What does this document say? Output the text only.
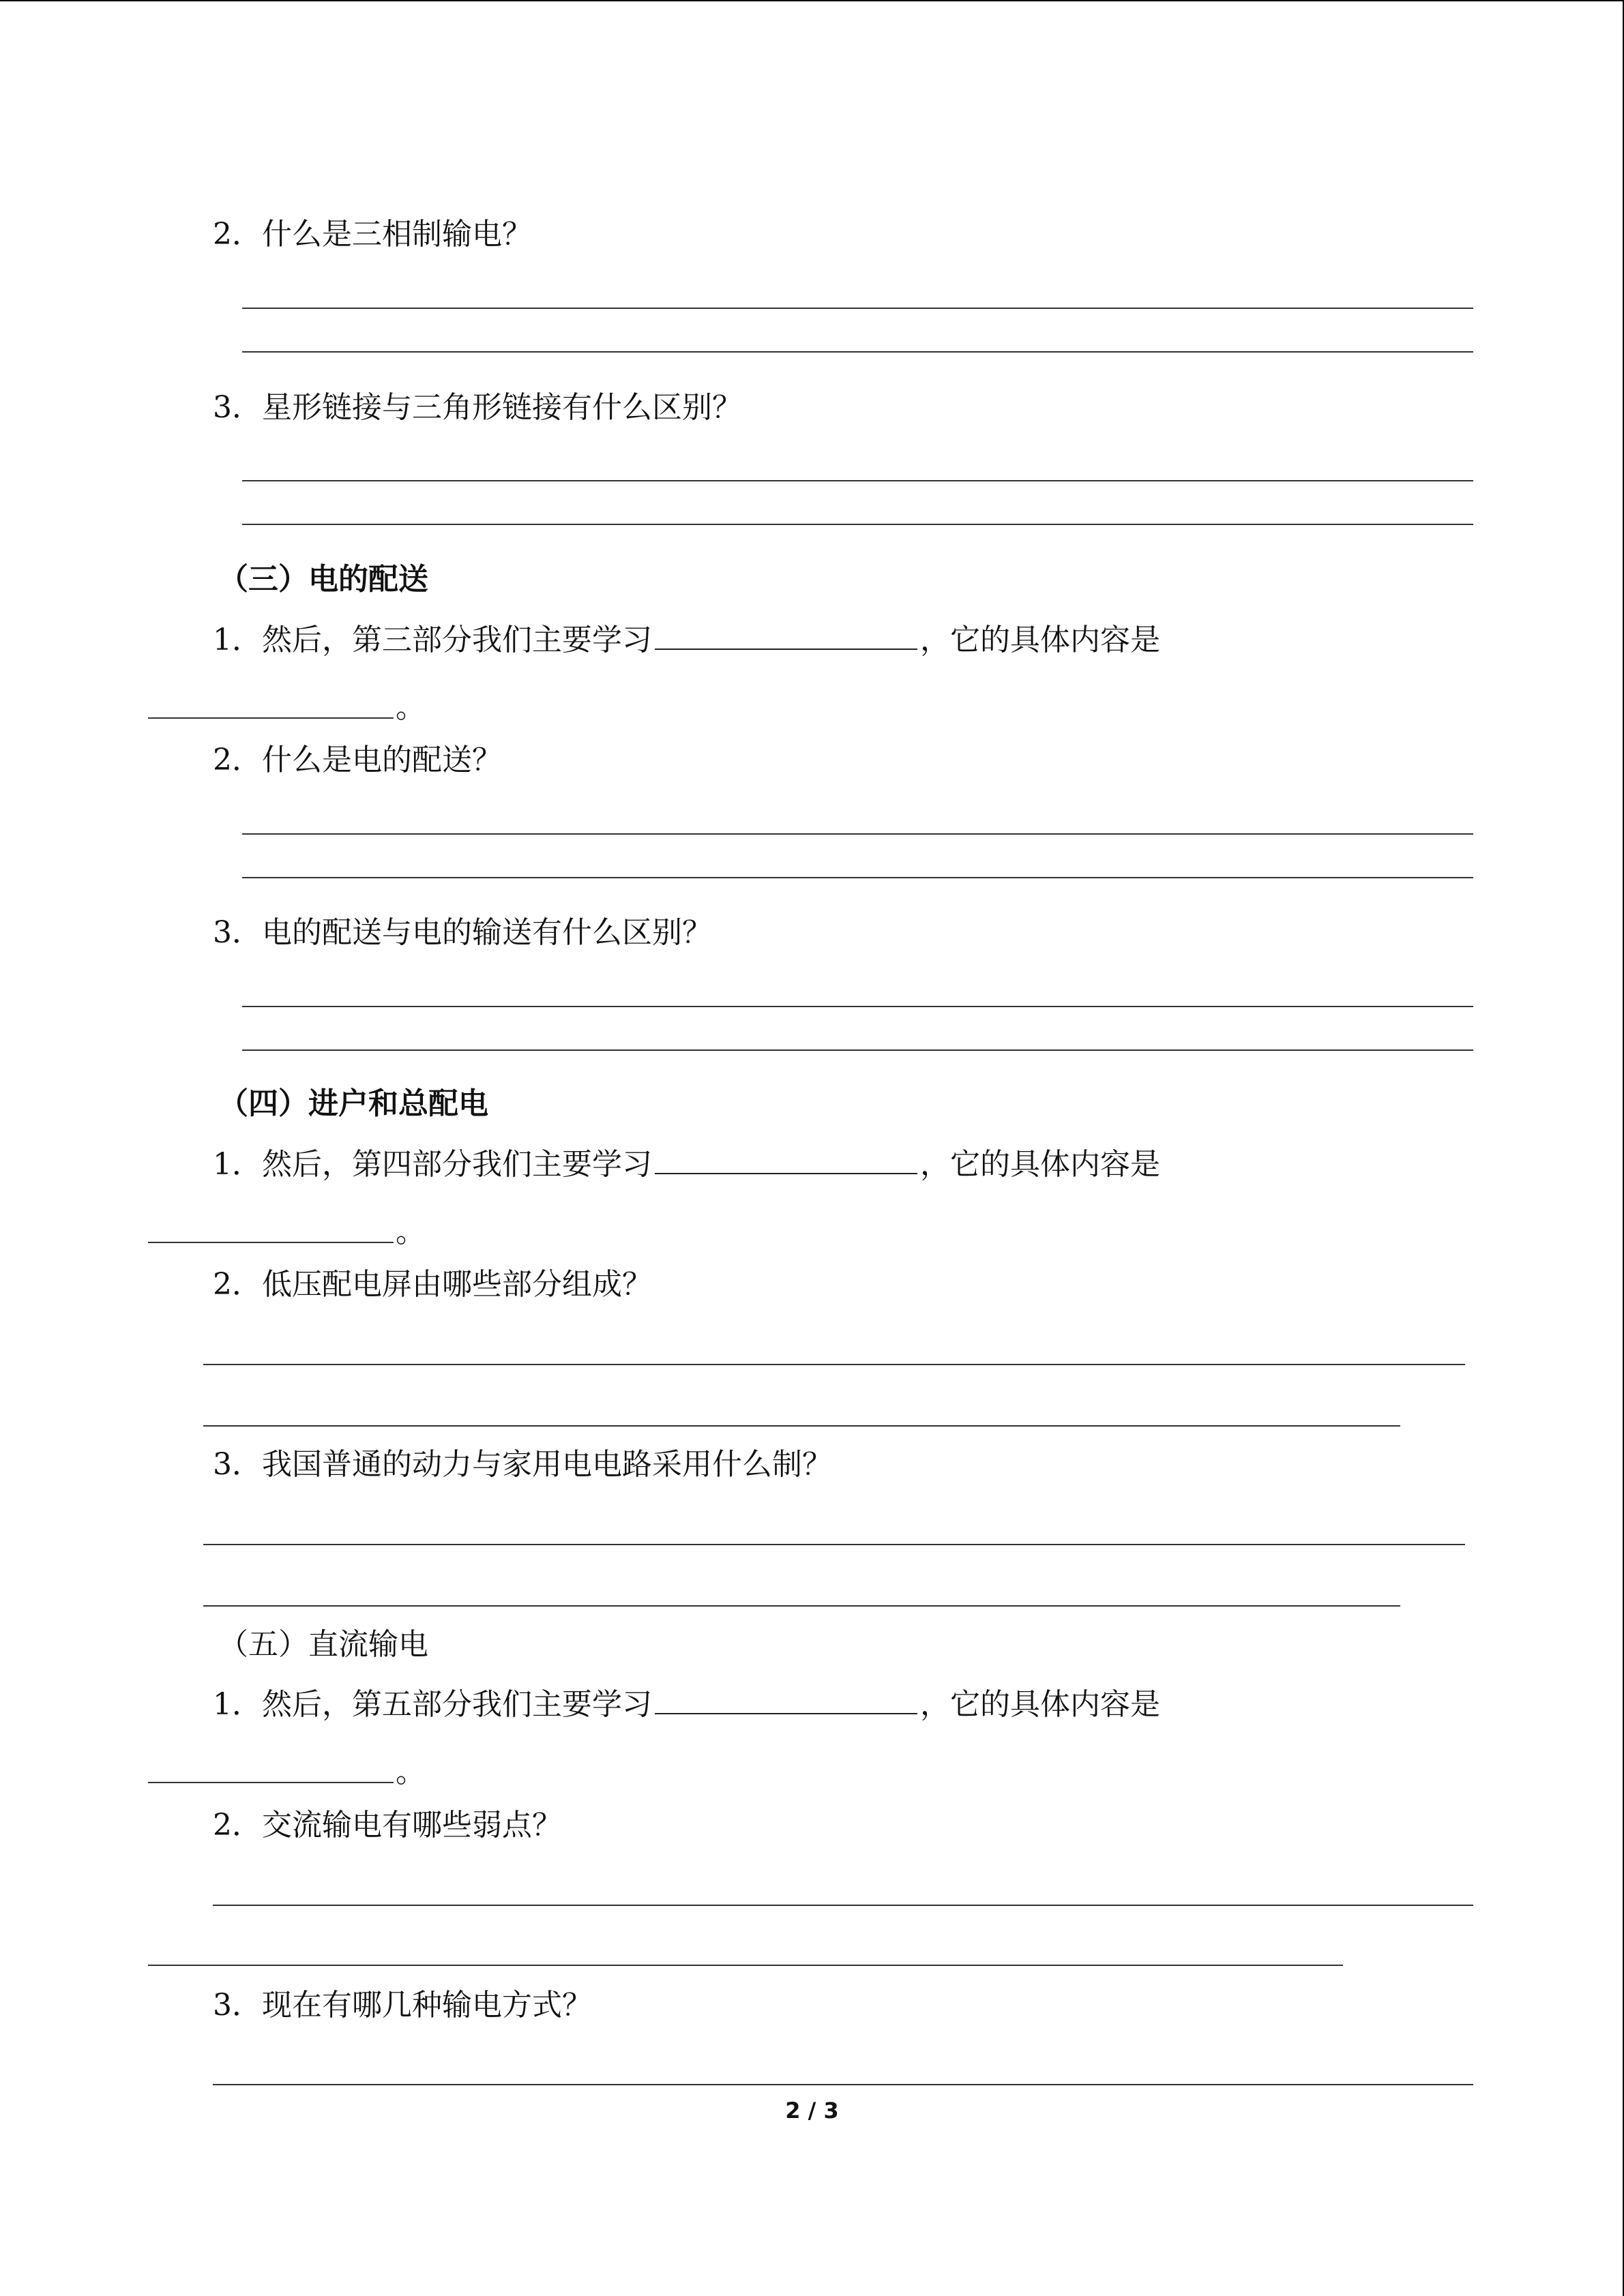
2．什么是三相制输电？
3．星形链接与三角形链接有什么区别？
（三）电的配送
1．然后，第三部分我们主要学习	，它的具体内容是
。
2．什么是电的配送？
3．电的配送与电的输送有什么区别？
（四）进户和总配电
1．然后，第四部分我们主要学习	，它的具体内容是
。
2．低压配电屏由哪些部分组成？
3．我国普通的动力与家用电电路采用什么制？
（五）直流输电
1．然后，第五部分我们主要学习	，它的具体内容是
。
2．交流输电有哪些弱点？
3．现在有哪几种输电方式？
2 / 3
